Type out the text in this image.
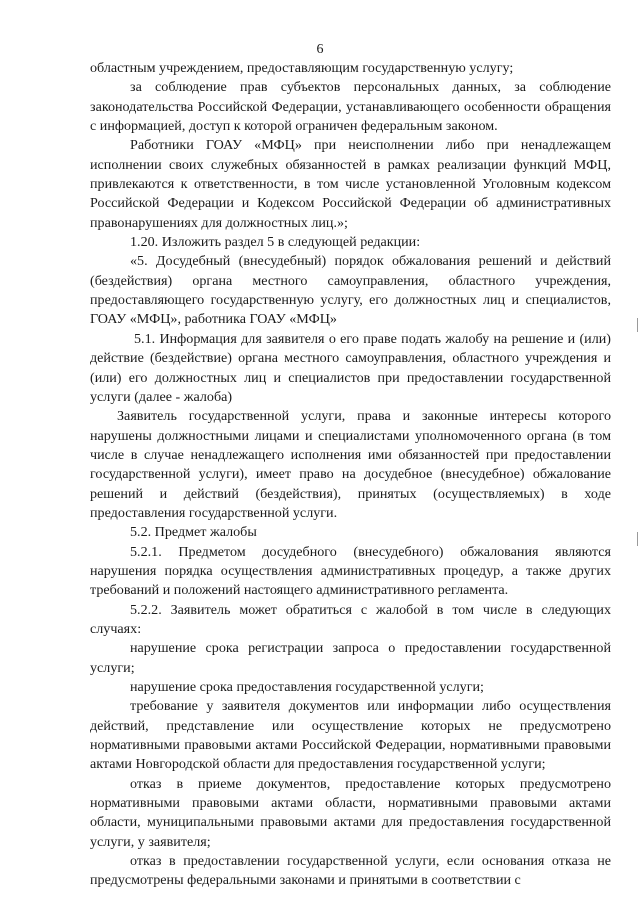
6

областным учреждением, предоставляющим государственную услугу;

за соблюдение прав субъектов персональных данных, за соблюдение законодательства Российской Федерации, устанавливающего особенности обращения с информацией, доступ к которой ограничен федеральным законом.

Работники ГОАУ «МФЦ» при неисполнении либо при ненадлежащем исполнении своих служебных обязанностей в рамках реализации функций МФЦ, привлекаются к ответственности, в том числе установленной Уголовным кодексом Российской Федерации и Кодексом Российской Федерации об административных правонарушениях для должностных лиц.»;

1.20. Изложить раздел 5 в следующей редакции:

«5. Досудебный (внесудебный) порядок обжалования решений и действий (бездействия) органа местного самоуправления, областного учреждения, предоставляющего государственную услугу, его должностных лиц и специалистов, ГОАУ «МФЦ», работника ГОАУ «МФЦ»

5.1. Информация для заявителя о его праве подать жалобу на решение и (или) действие (бездействие) органа местного самоуправления, областного учреждения и (или) его должностных лиц и специалистов при предоставлении государственной услуги (далее - жалоба)

Заявитель государственной услуги, права и законные интересы которого нарушены должностными лицами и специалистами уполномоченного органа (в том числе в случае ненадлежащего исполнения ими обязанностей при предоставлении государственной услуги), имеет право на досудебное (внесудебное) обжалование решений и действий (бездействия), принятых (осуществляемых) в ходе предоставления государственной услуги.

5.2. Предмет жалобы

5.2.1. Предметом досудебного (внесудебного) обжалования являются нарушения порядка осуществления административных процедур, а также других требований и положений настоящего административного регламента.

5.2.2. Заявитель может обратиться с жалобой в том числе в следующих случаях:

нарушение срока регистрации запроса о предоставлении государственной услуги;

нарушение срока предоставления государственной услуги;

требование у заявителя документов или информации либо осуществления действий, представление или осуществление которых не предусмотрено нормативными правовыми актами Российской Федерации, нормативными правовыми актами Новгородской области для предоставления государственной услуги;

отказ в приеме документов, предоставление которых предусмотрено нормативными правовыми актами области, нормативными правовыми актами области, муниципальными правовыми актами для предоставления государственной услуги, у заявителя;

отказ в предоставлении государственной услуги, если основания отказа не предусмотрены федеральными законами и принятыми в соответствии с
